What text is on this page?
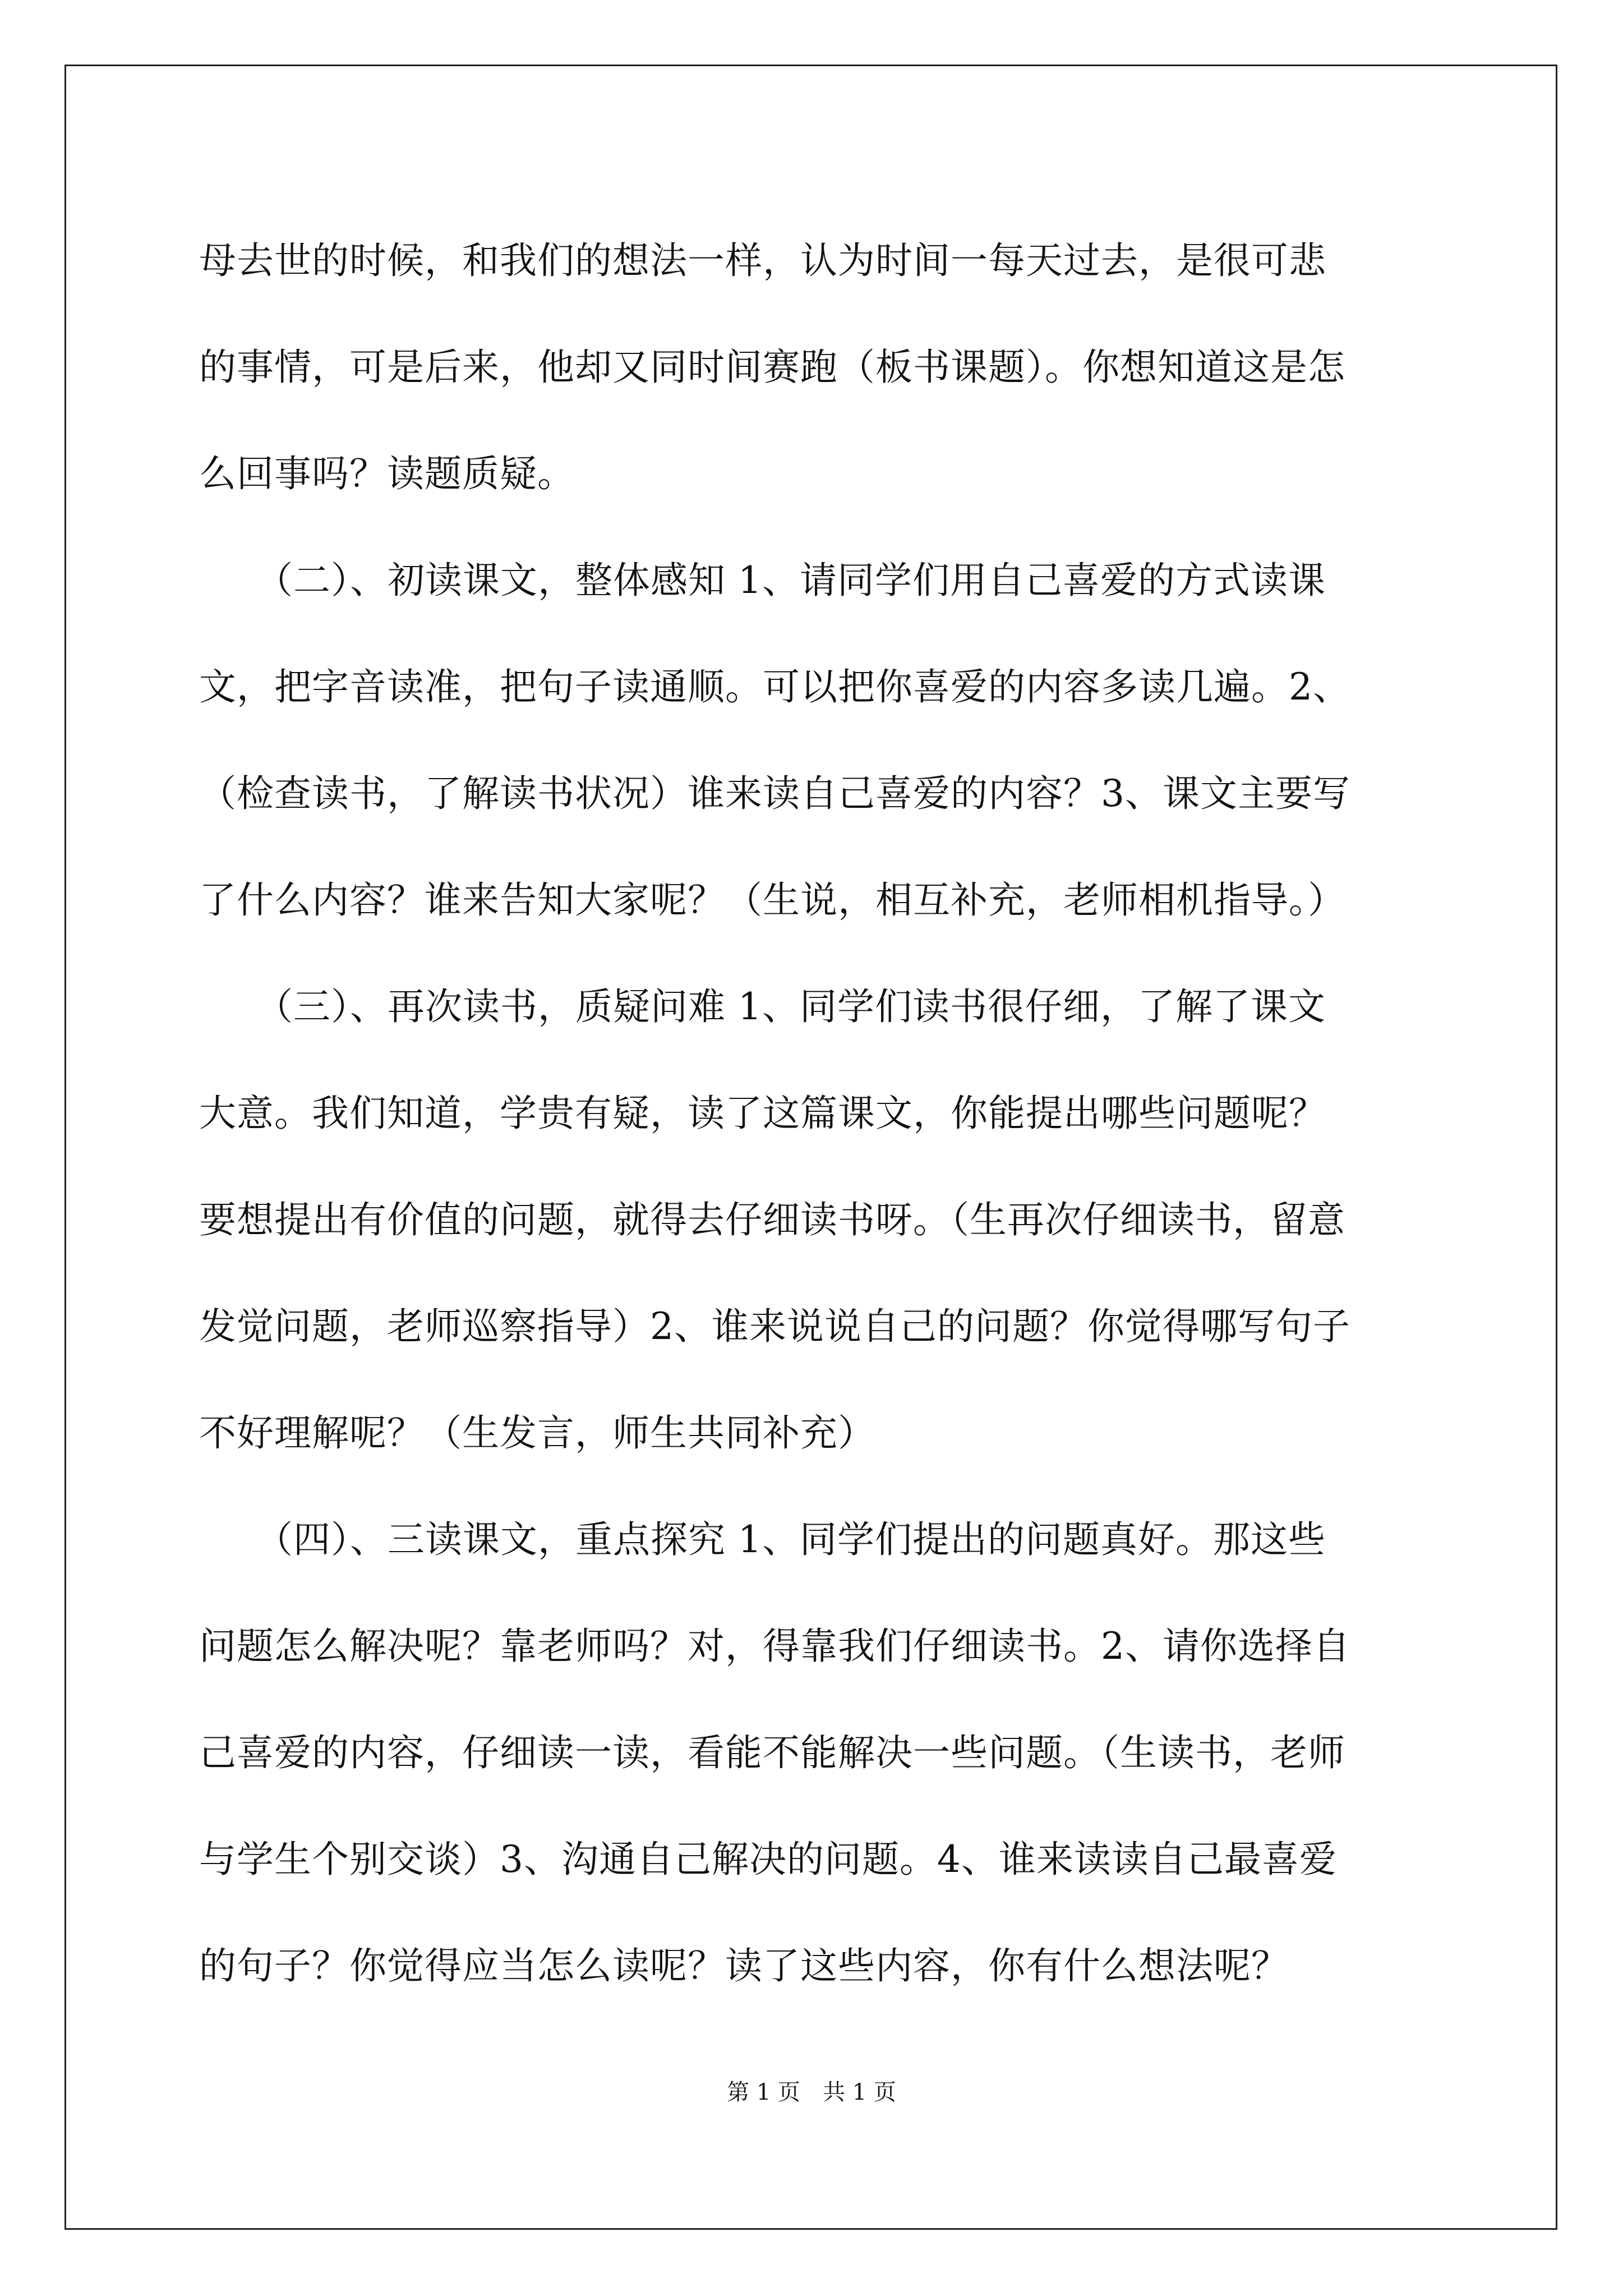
母去世的时候，和我们的想法一样，认为时间一每天过去，是很可悲
的事情，可是后来，他却又同时间赛跑（板书课题）。你想知道这是怎
么回事吗？读题质疑。
　　（二）、初读课文，整体感知 1、请同学们用自己喜爱的方式读课
文，把字音读准，把句子读通顺。可以把你喜爱的内容多读几遍。2、
（检查读书，了解读书状况）谁来读自己喜爱的内容？3、课文主要写
了什么内容？谁来告知大家呢？（生说，相互补充，老师相机指导。）
　　（三）、再次读书，质疑问难 1、同学们读书很仔细，了解了课文
大意。我们知道，学贵有疑，读了这篇课文，你能提出哪些问题呢？
要想提出有价值的问题，就得去仔细读书呀。（生再次仔细读书，留意
发觉问题，老师巡察指导）2、谁来说说自己的问题？你觉得哪写句子
不好理解呢？（生发言，师生共同补充）
　　（四）、三读课文，重点探究 1、同学们提出的问题真好。那这些
问题怎么解决呢？靠老师吗？对，得靠我们仔细读书。2、请你选择自
己喜爱的内容，仔细读一读，看能不能解决一些问题。（生读书，老师
与学生个别交谈）3、沟通自己解决的问题。4、谁来读读自己最喜爱
的句子？你觉得应当怎么读呢？读了这些内容，你有什么想法呢？
第 1 页　共 1 页
